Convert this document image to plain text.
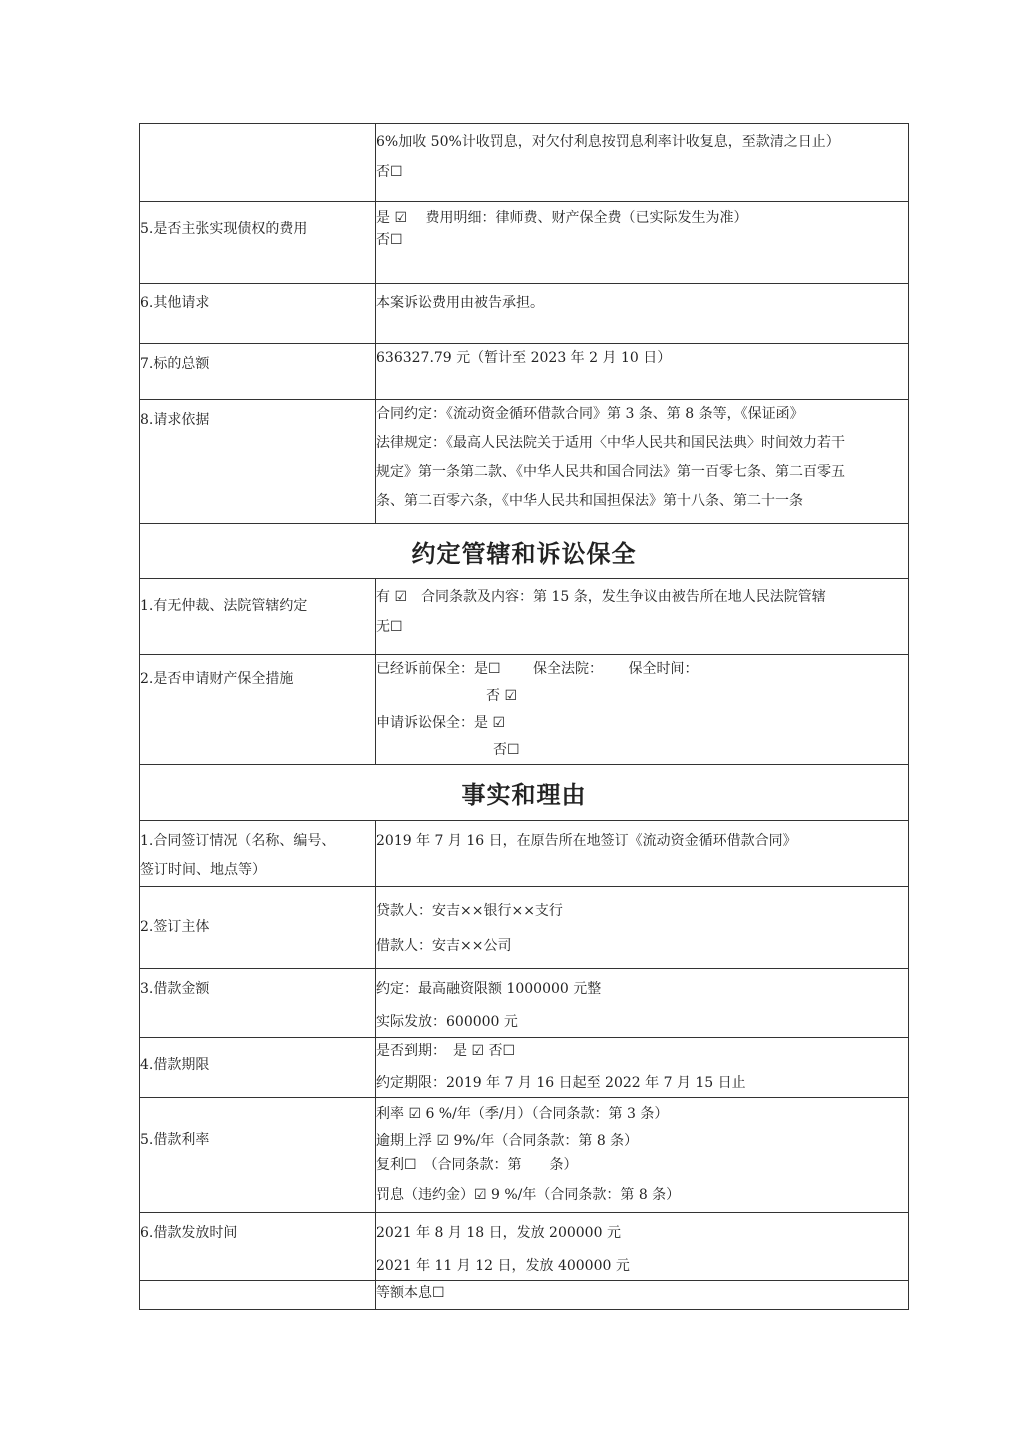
	6%加收 50%计收罚息，对欠付利息按罚息利率计收复息，至款清之日止）
否☐

5.是否主张实现债权的费用	是 ☑　 费用明细：律师费、财产保全费（已实际发生为准）
否☐

6.其他请求	本案诉讼费用由被告承担。

7.标的总额	636327.79 元（暂计至 2023 年 2 月 10 日）

8.请求依据	合同约定：《流动资金循环借款合同》第 3 条、第 8 条等，《保证函》
法律规定：《最高人民法院关于适用〈中华人民共和国民法典〉时间效力若干
规定》第一条第二款、《中华人民共和国合同法》第一百零七条、第二百零五
条、第二百零六条，《中华人民共和国担保法》第十八条、第二十一条

约定管辖和诉讼保全	
1.有无仲裁、法院管辖约定	有 ☑　合同条款及内容：第 15 条，发生争议由被告所在地人民法院管辖
无☐

2.是否申请财产保全措施	已经诉前保全：是☐　　 保全法院：　　 保全时间：
否 ☑
申请诉讼保全：是 ☑
否☐

事实和理由	

1.合同签订情况（名称、编号、
签订时间、地点等）	2019 年 7 月 16 日，在原告所在地签订《流动资金循环借款合同》

2.签订主体	贷款人：安吉××银行××支行
借款人：安吉××公司

3.借款金额	约定：最高融资限额 1000000 元整
实际发放：600000 元

4.借款期限	是否到期：　是 ☑ 否☐
约定期限：2019 年 7 月 16 日起至 2022 年 7 月 15 日止

5.借款利率	利率 ☑ 6 %/年（季/月）（合同条款：第 3 条）
逾期上浮 ☑ 9%/年（合同条款：第 8 条）
复利☐　（合同条款：第　　条）
罚息（违约金）☑ 9 %/年（合同条款：第 8 条）

6.借款发放时间	2021 年 8 月 18 日，发放 200000 元
2021 年 11 月 12 日，发放 400000 元

	等额本息☐
